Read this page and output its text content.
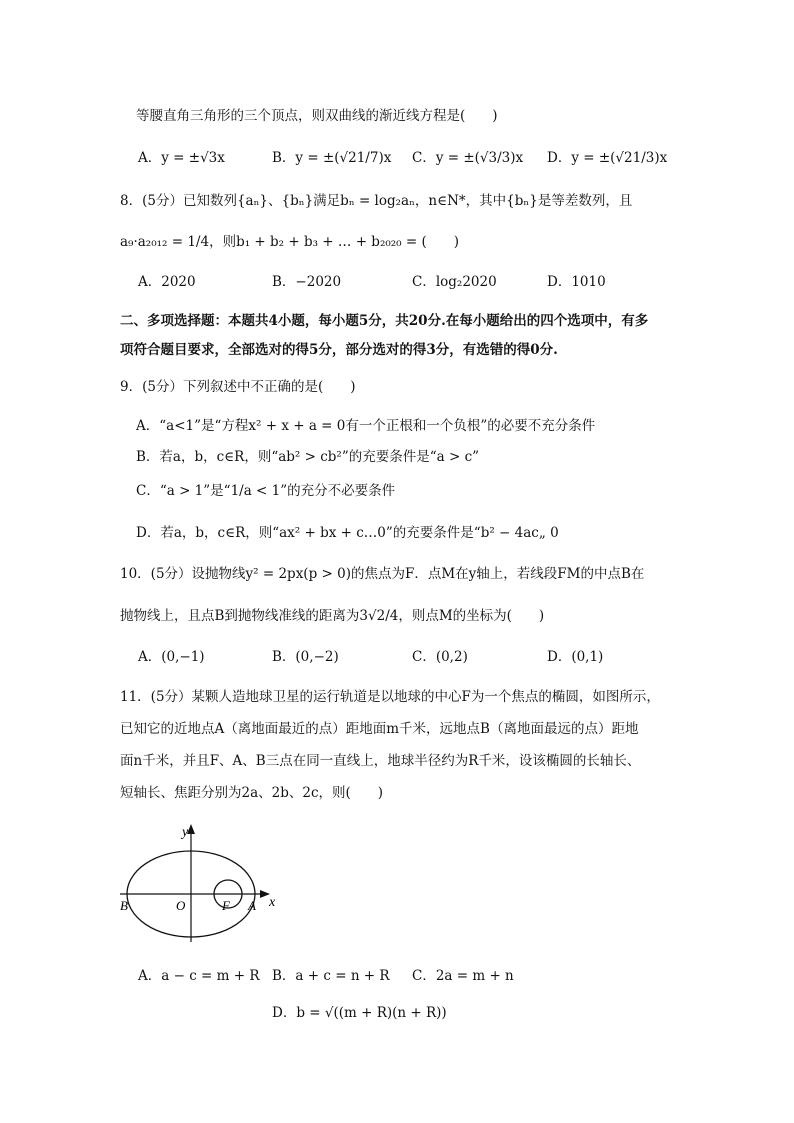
等腰直角三角形的三个顶点，则双曲线的渐近线方程是(　　)
A．y = ±√3x	B．y = ±(√21/7)x C．y = ±(√3/3)x D．y = ±(√21/3)x
8．(5分）已知数列{aₙ}、{bₙ}满足bₙ = log₂aₙ，n∈N*，其中{bₙ}是等差数列，且
a₉·a₂₀₁₂ = 1/4，则b₁ + b₂ + b₃ + … + b₂₀₂₀ = (　　)
A．2020	B．−2020	C．log₂2020	D．1010
二、多项选择题：本题共4小题，每小题5分，共20分.在每小题给出的四个选项中，有多
项符合题目要求，全部选对的得5分，部分选对的得3分，有选错的得0分.
9．(5分）下列叙述中不正确的是(　　)
A．“a<1”是“方程x² + x + a = 0有一个正根和一个负根”的必要不充分条件
B．若a，b，c∈R，则“ab² > cb²”的充要条件是“a > c”
C．“a > 1”是“1/a < 1”的充分不必要条件
D．若a，b，c∈R，则“ax² + bx + c…0”的充要条件是“b² − 4ac„ 0
10．(5分）设抛物线y² = 2px(p > 0)的焦点为F．点M在y轴上，若线段FM的中点B在
抛物线上，且点B到抛物线准线的距离为3√2/4，则点M的坐标为(　　)
A．(0,−1)	B．(0,−2)	C．(0,2)	D．(0,1)
11．(5分）某颗人造地球卫星的运行轨道是以地球的中心F为一个焦点的椭圆，如图所示，
已知它的近地点A（离地面最近的点）距地面m千米，远地点B（离地面最远的点）距地
面n千米，并且F、A、B三点在同一直线上，地球半径约为R千米，设该椭圆的长轴长、
短轴长、焦距分别为2a、2b、2c，则(　　)
y
x
B	O	F A
A．a − c = m + R B．a + c = n + R C．2a = m + n
D．b = √((m + R)(n + R))
